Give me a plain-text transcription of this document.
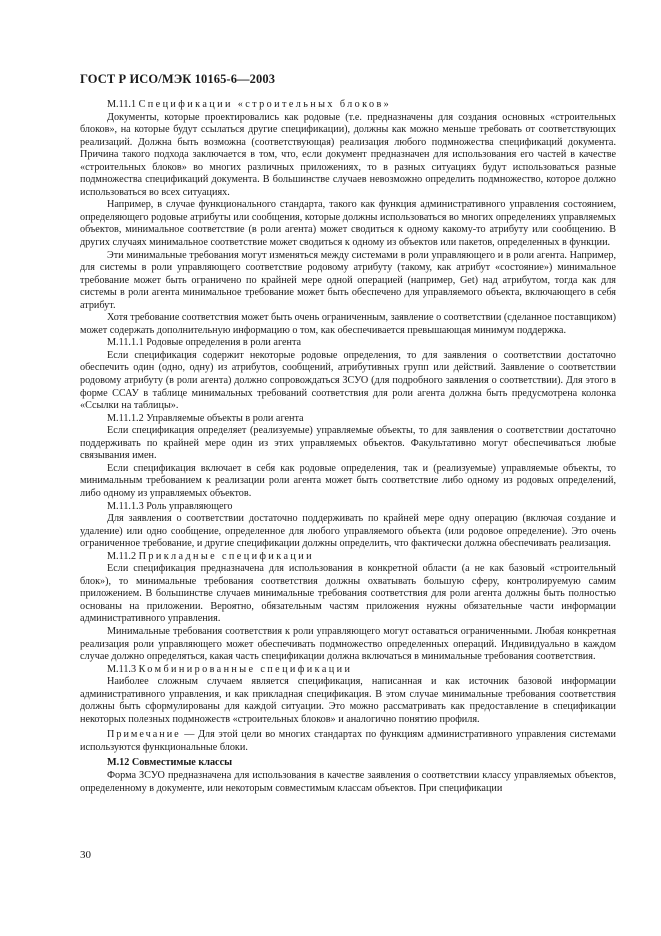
ГОСТ Р ИСО/МЭК 10165-6—2003

М.11.1 Спецификации «строительных блоков»

Документы, которые проектировались как родовые (т.е. предназначены для создания основных «строительных блоков», на которые будут ссылаться другие спецификации), должны как можно меньше требовать от соответствующих реализаций. Должна быть возможна (соответствующая) реализация любого подмножества спецификаций документа. Причина такого подхода заключается в том, что, если документ предназначен для использования его частей в качестве «строительных блоков» во многих различных приложениях, то в разных ситуациях будут использоваться разные подмножества спецификаций документа. В большинстве случаев невозможно определить подмножество, которое должно использоваться во всех ситуациях.

Например, в случае функционального стандарта, такого как функция административного управления состоянием, определяющего родовые атрибуты или сообщения, которые должны использоваться во многих определениях управляемых объектов, минимальное соответствие (в роли агента) может сводиться к одному какому-то атрибуту или сообщению. В других случаях минимальное соответствие может сводиться к одному из объектов или пакетов, определенных в функции.

Эти минимальные требования могут изменяться между системами в роли управляющего и в роли агента. Например, для системы в роли управляющего соответствие родовому атрибуту (такому, как атрибут «состояние») минимальное требование может быть ограничено по крайней мере одной операцией (например, Get) над атрибутом, тогда как для системы в роли агента минимальное требование может быть обеспечено для управляемого объекта, включающего в себя атрибут.

Хотя требование соответствия может быть очень ограниченным, заявление о соответствии (сделанное поставщиком) может содержать дополнительную информацию о том, как обеспечивается превышающая минимум поддержка.

М.11.1.1 Родовые определения в роли агента

Если спецификация содержит некоторые родовые определения, то для заявления о соответствии достаточно обеспечить один (одно, одну) из атрибутов, сообщений, атрибутивных групп или действий. Заявление о соответствии родовому атрибуту (в роли агента) должно сопровождаться ЗСУО (для подробного заявления о соответствии). Для этого в форме ССАУ в таблице минимальных требований соответствия для роли агента должна быть предусмотрена колонка «Ссылки на таблицы».

М.11.1.2 Управляемые объекты в роли агента

Если спецификация определяет (реализуемые) управляемые объекты, то для заявления о соответствии достаточно поддерживать по крайней мере один из этих управляемых объектов. Факультативно могут обеспечиваться любые связывания имен.

Если спецификация включает в себя как родовые определения, так и (реализуемые) управляемые объекты, то минимальным требованием к реализации роли агента может быть соответствие либо одному из родовых определений, либо одному из управляемых объектов.

М.11.1.3 Роль управляющего

Для заявления о соответствии достаточно поддерживать по крайней мере одну операцию (включая создание и удаление) или одно сообщение, определенное для любого управляемого объекта (или родовое определение). Это очень ограниченное требование, и другие спецификации должны определить, что фактически должна обеспечивать реализация.

М.11.2 Прикладные спецификации

Если спецификация предназначена для использования в конкретной области (а не как базовый «строительный блок»), то минимальные требования соответствия должны охватывать большую сферу, контролируемую самим приложением. В большинстве случаев минимальные требования соответствия для роли агента должны быть полностью основаны на приложении. Вероятно, обязательным частям приложения нужны обязательные части информации административного управления.

Минимальные требования соответствия к роли управляющего могут оставаться ограниченными. Любая конкретная реализация роли управляющего может обеспечивать подмножество определенных операций. Индивидуально в каждом случае должно определяться, какая часть спецификации должна включаться в минимальные требования соответствия.

М.11.3 Комбинированные спецификации

Наиболее сложным случаем является спецификация, написанная и как источник базовой информации административного управления, и как прикладная спецификация. В этом случае минимальные требования соответствия должны быть сформулированы для каждой ситуации. Это можно рассматривать как предоставление в спецификации некоторых полезных подмножеств «строительных блоков» и аналогично понятию профиля.

Примечание — Для этой цели во многих стандартах по функциям административного управления системами используются функциональные блоки.

М.12 Совместимые классы

Форма ЗСУО предназначена для использования в качестве заявления о соответствии классу управляемых объектов, определенному в документе, или некоторым совместимым классам объектов. При спецификации

30
